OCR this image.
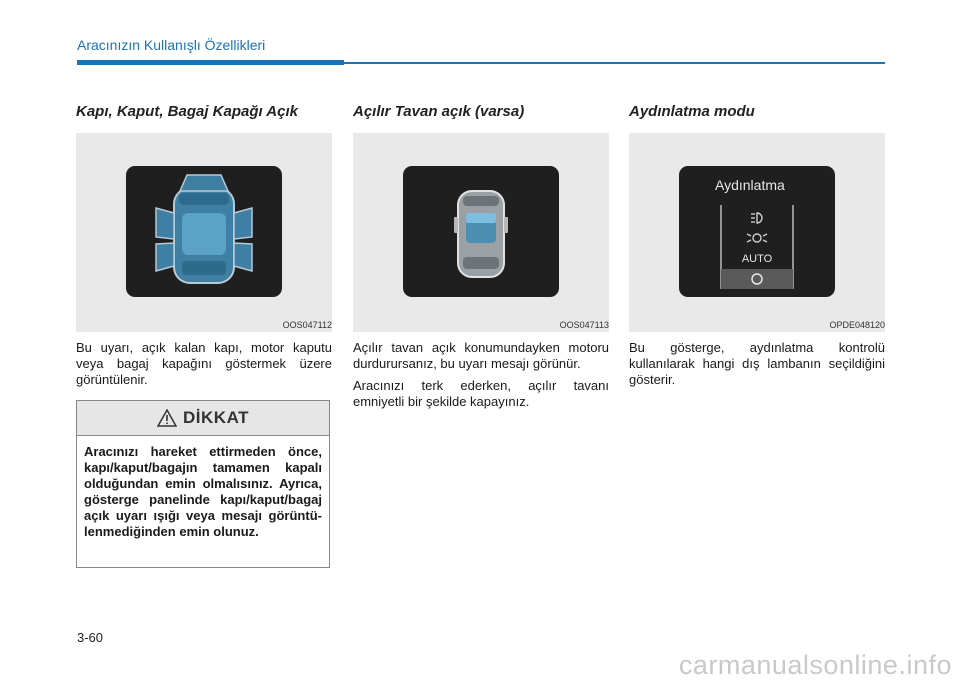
Aracınızın Kullanışlı Özellikleri
Kapı, Kaput, Bagaj Kapağı Açık
OOS047112

Bu uyarı, açık kalan kapı, motor kaputu veya bagaj kapağını göstermek üzere görüntülenir.

DİKKAT
Aracınızı hareket ettirmeden önce, kapı/kaput/bagajın tamamen kapalı olduğundan emin olmalısınız. Ayrıca, gösterge panelinde kapı/kaput/bagaj açık uyarı ışığı veya mesajı görüntülenmediğinden emin olunuz.
Açılır Tavan açık (varsa)
OOS047113

Açılır tavan açık konumundayken motoru durdurursanız, bu uyarı mesajı görünür.

Aracınızı terk ederken, açılır tavanı emniyetli bir şekilde kapayınız.

Aydınlatma modu
Aydınlatma
AUTO
OPDE048120

Bu gösterge, aydınlatma kontrolü kullanılarak hangi dış lambanın seçildiğini gösterir.

3-60
carmanualsonline.info
